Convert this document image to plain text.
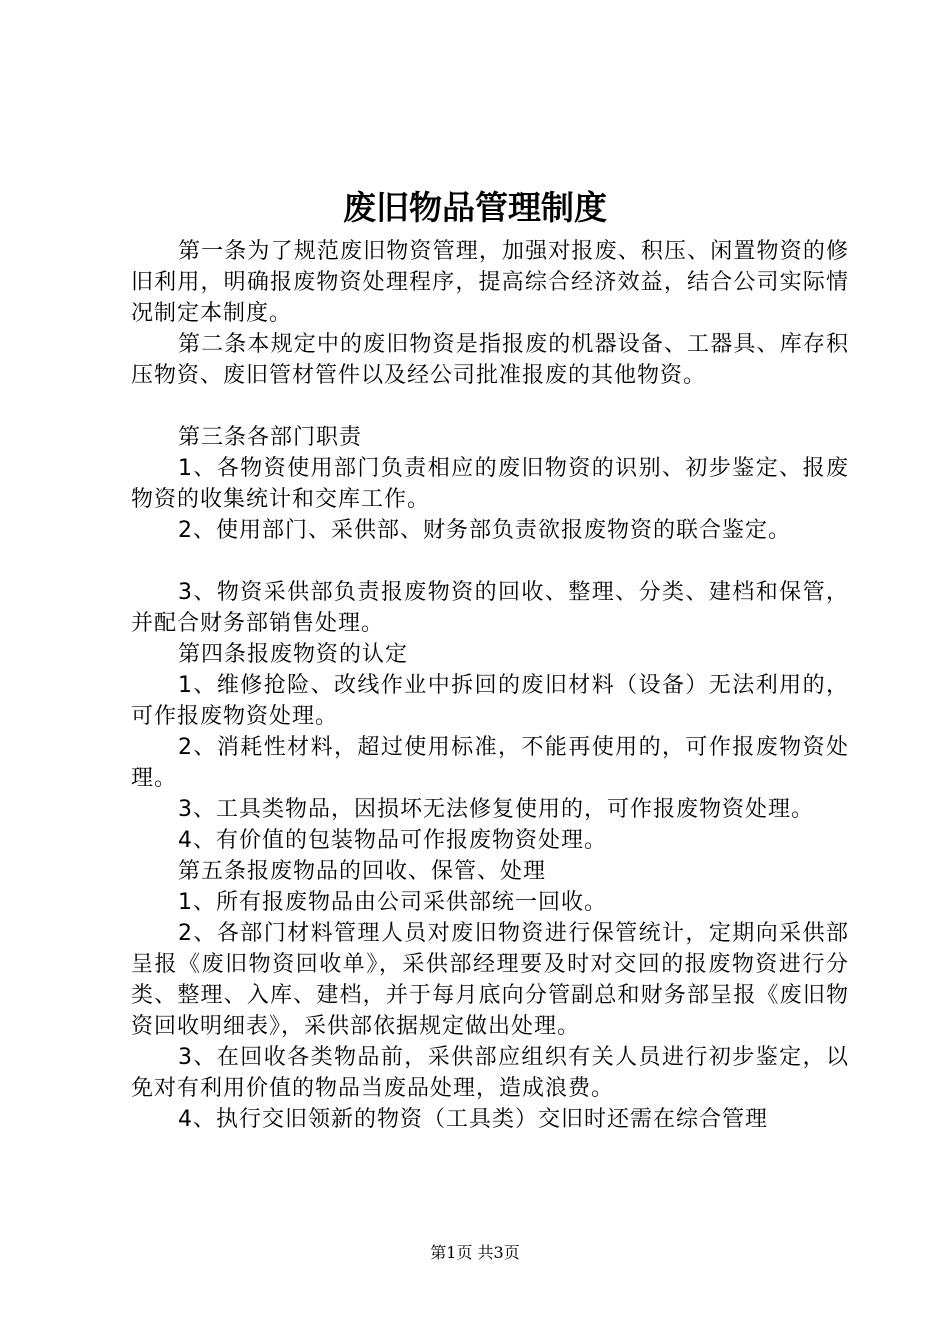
废旧物品管理制度

第一条为了规范废旧物资管理，加强对报废、积压、闲置物资的修旧利用，明确报废物资处理程序，提高综合经济效益，结合公司实际情况制定本制度。

第二条本规定中的废旧物资是指报废的机器设备、工器具、库存积压物资、废旧管材管件以及经公司批准报废的其他物资。

第三条各部门职责

1、各物资使用部门负责相应的废旧物资的识别、初步鉴定、报废物资的收集统计和交库工作。

2、使用部门、采供部、财务部负责欲报废物资的联合鉴定。

3、物资采供部负责报废物资的回收、整理、分类、建档和保管，并配合财务部销售处理。

第四条报废物资的认定

1、维修抢险、改线作业中拆回的废旧材料（设备）无法利用的，可作报废物资处理。

2、消耗性材料，超过使用标准，不能再使用的，可作报废物资处理。

3、工具类物品，因损坏无法修复使用的，可作报废物资处理。

4、有价值的包装物品可作报废物资处理。

第五条报废物品的回收、保管、处理

1、所有报废物品由公司采供部统一回收。

2、各部门材料管理人员对废旧物资进行保管统计，定期向采供部呈报《废旧物资回收单》，采供部经理要及时对交回的报废物资进行分类、整理、入库、建档，并于每月底向分管副总和财务部呈报《废旧物资回收明细表》，采供部依据规定做出处理。

3、在回收各类物品前，采供部应组织有关人员进行初步鉴定，以免对有利用价值的物品当废品处理，造成浪费。

4、执行交旧领新的物资（工具类）交旧时还需在综合管理

第1页 共3页
